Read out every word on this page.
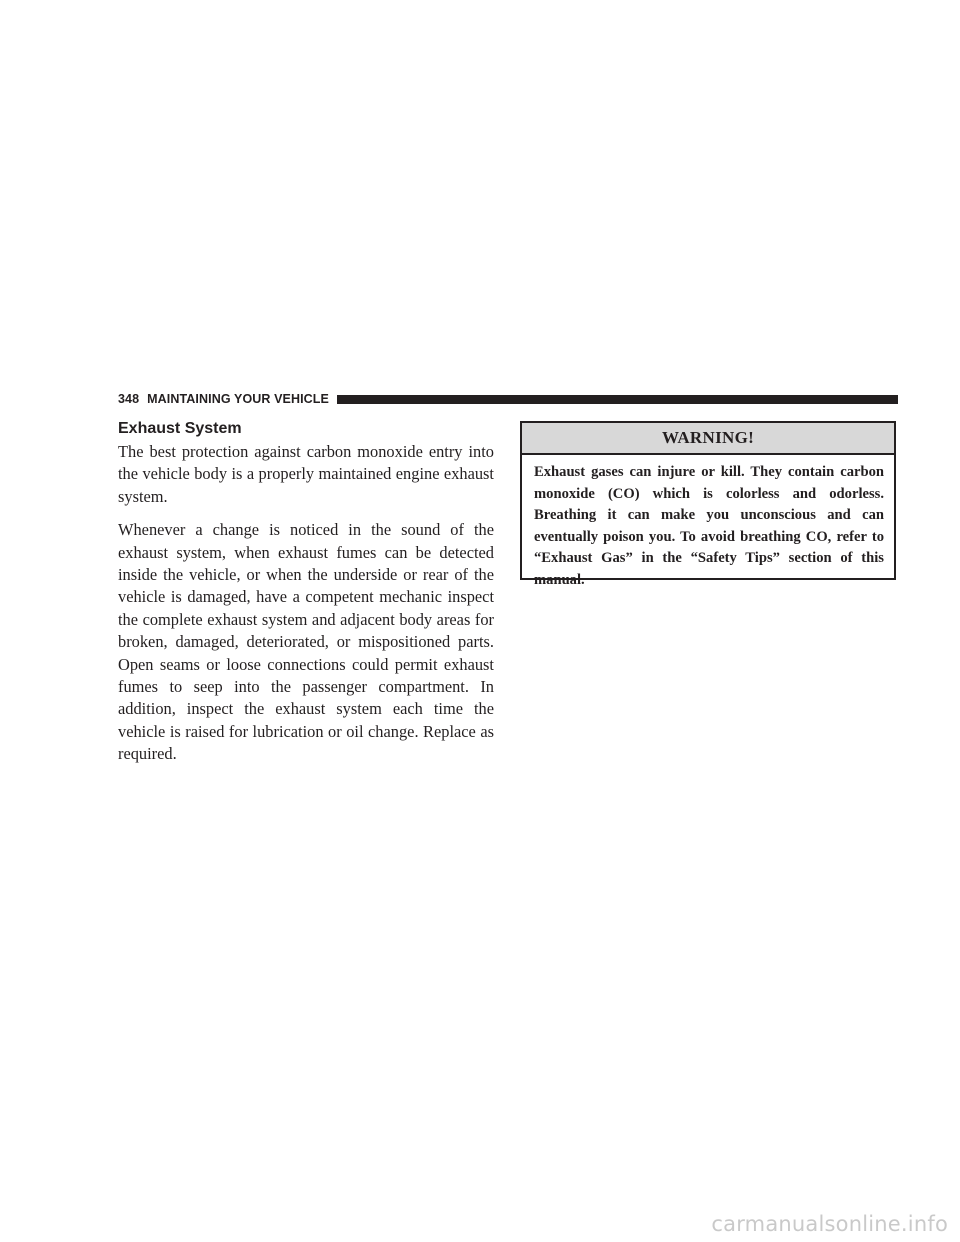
348 MAINTAINING YOUR VEHICLE
Exhaust System

The best protection against carbon monoxide entry into the vehicle body is a properly maintained engine exhaust system.

Whenever a change is noticed in the sound of the exhaust system, when exhaust fumes can be detected inside the vehicle, or when the underside or rear of the vehicle is damaged, have a competent mechanic inspect the complete exhaust system and adjacent body areas for broken, damaged, deteriorated, or mispositioned parts. Open seams or loose connections could permit exhaust fumes to seep into the passenger compartment. In addition, inspect the exhaust system each time the vehicle is raised for lubrication or oil change. Replace as required.

WARNING!

Exhaust gases can injure or kill. They contain carbon monoxide (CO) which is colorless and odorless. Breathing it can make you unconscious and can eventually poison you. To avoid breathing CO, refer to “Exhaust Gas” in the “Safety Tips” section of this manual.

carmanualsonline.info
